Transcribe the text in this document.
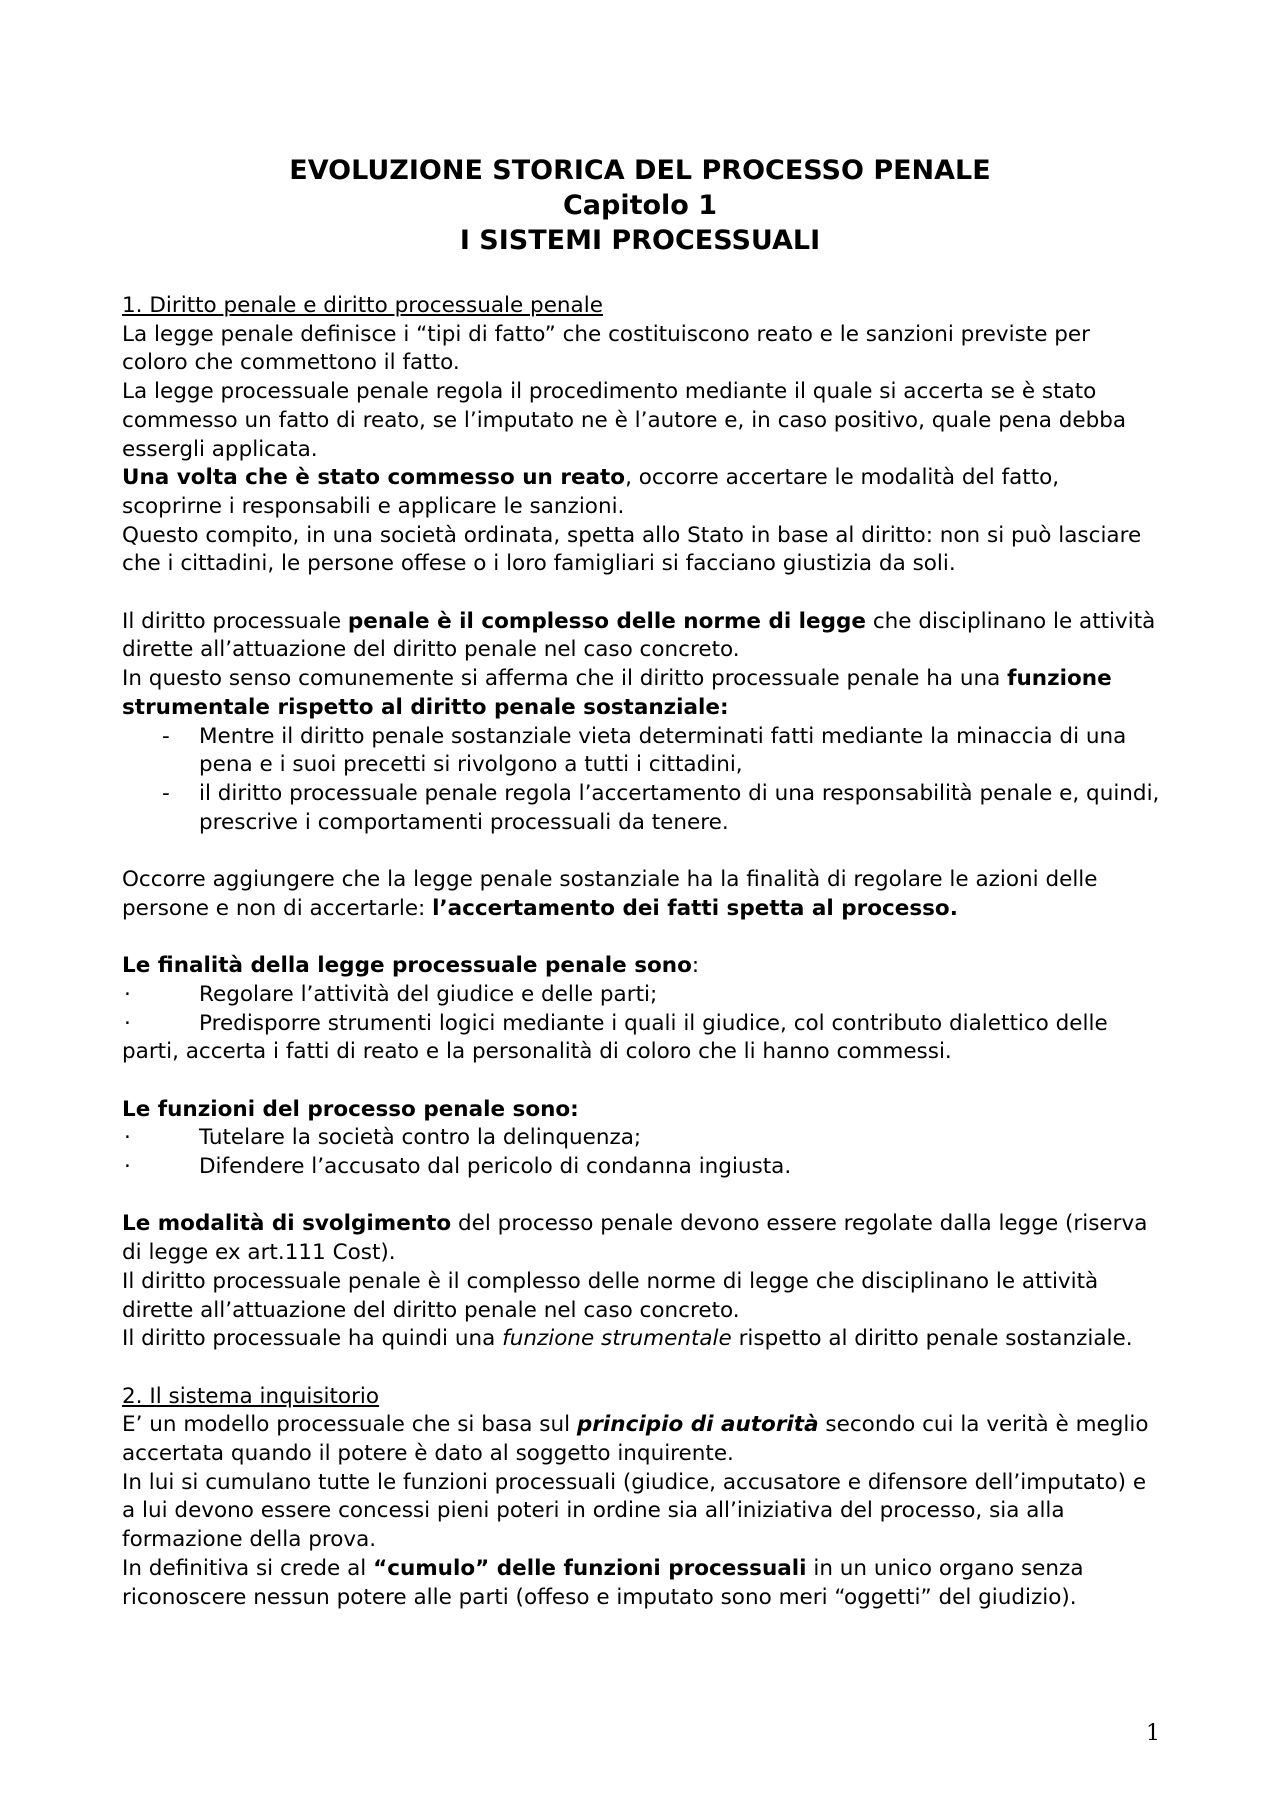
EVOLUZIONE STORICA DEL PROCESSO PENALE
Capitolo 1
I SISTEMI PROCESSUALI

1. Diritto penale e diritto processuale penale

La legge penale definisce i “tipi di fatto” che costituiscono reato e le sanzioni previste per coloro che commettono il fatto.

La legge processuale penale regola il procedimento mediante il quale si accerta se è stato commesso un fatto di reato, se l’imputato ne è l’autore e, in caso positivo, quale pena debba essergli applicata.

Una volta che è stato commesso un reato, occorre accertare le modalità del fatto, scoprirne i responsabili e applicare le sanzioni.

Questo compito, in una società ordinata, spetta allo Stato in base al diritto: non si può lasciare che i cittadini, le persone offese o i loro famigliari si facciano giustizia da soli.

Il diritto processuale penale è il complesso delle norme di legge che disciplinano le attività dirette all’attuazione del diritto penale nel caso concreto.

In questo senso comunemente si afferma che il diritto processuale penale ha una funzione strumentale rispetto al diritto penale sostanziale:

- Mentre il diritto penale sostanziale vieta determinati fatti mediante la minaccia di una pena e i suoi precetti si rivolgono a tutti i cittadini,
- il diritto processuale penale regola l’accertamento di una responsabilità penale e, quindi, prescrive i comportamenti processuali da tenere.

Occorre aggiungere che la legge penale sostanziale ha la finalità di regolare le azioni delle persone e non di accertarle: l’accertamento dei fatti spetta al processo.

Le finalità della legge processuale penale sono:

·	Regolare l’attività del giudice e delle parti;

·	Predisporre strumenti logici mediante i quali il giudice, col contributo dialettico delle parti, accerta i fatti di reato e la personalità di coloro che li hanno commessi.

Le funzioni del processo penale sono:

·	Tutelare la società contro la delinquenza;

·	Difendere l’accusato dal pericolo di condanna ingiusta.

Le modalità di svolgimento del processo penale devono essere regolate dalla legge (riserva di legge ex art.111 Cost).

Il diritto processuale penale è il complesso delle norme di legge che disciplinano le attività dirette all’attuazione del diritto penale nel caso concreto.

Il diritto processuale ha quindi una funzione strumentale rispetto al diritto penale sostanziale.

2. Il sistema inquisitorio

E’ un modello processuale che si basa sul principio di autorità secondo cui la verità è meglio accertata quando il potere è dato al soggetto inquirente.

In lui si cumulano tutte le funzioni processuali (giudice, accusatore e difensore dell’imputato) e a lui devono essere concessi pieni poteri in ordine sia all’iniziativa del processo, sia alla formazione della prova.

In definitiva si crede al “cumulo” delle funzioni processuali in un unico organo senza riconoscere nessun potere alle parti (offeso e imputato sono meri “oggetti” del giudizio).

1
